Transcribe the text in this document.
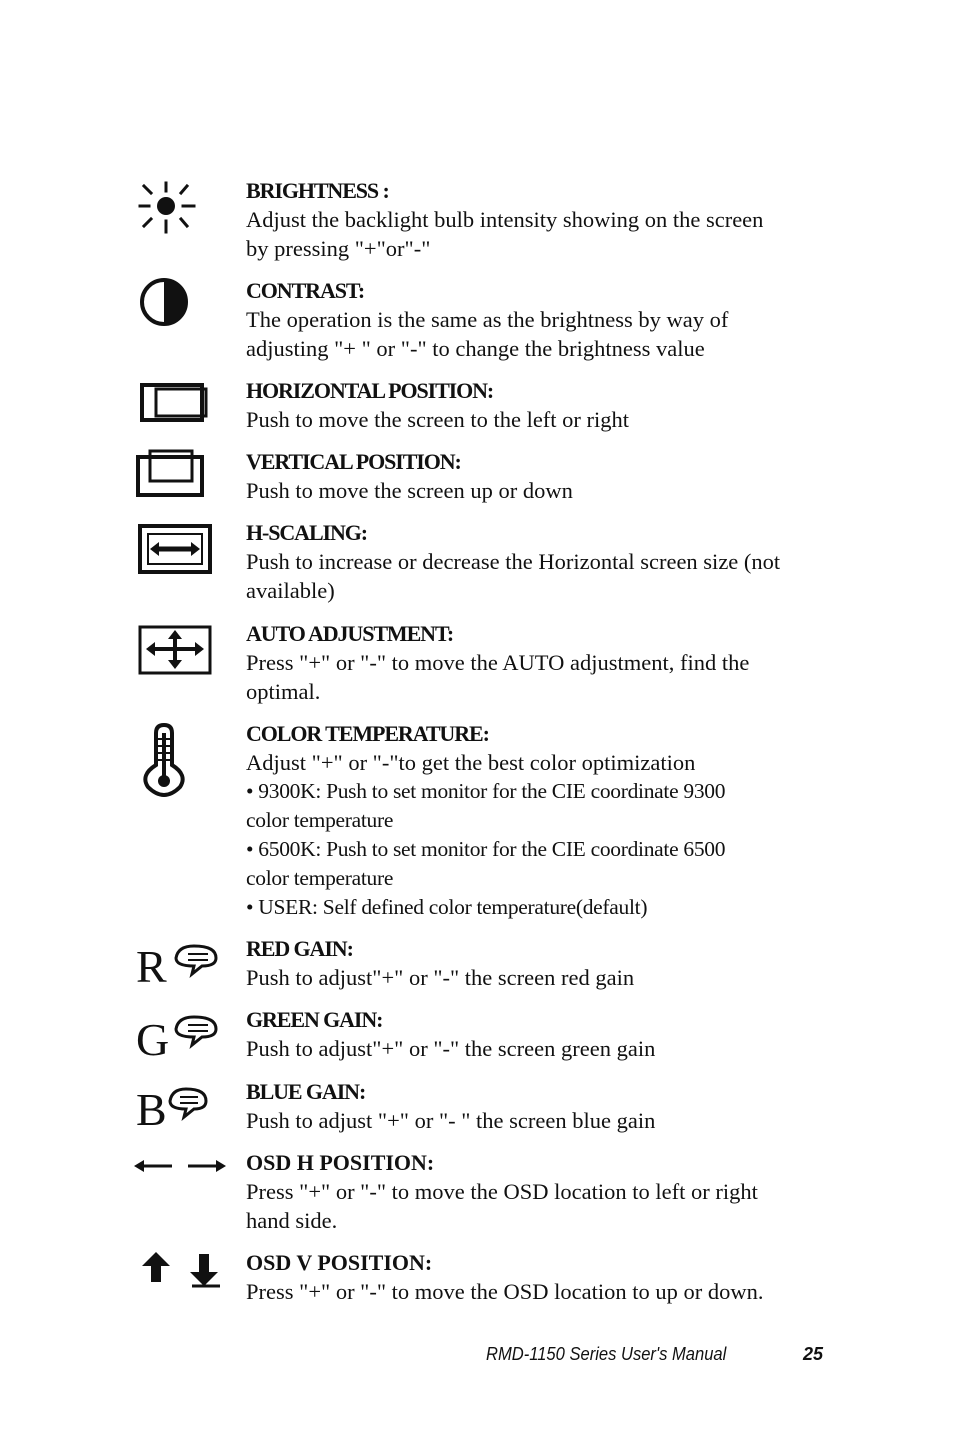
BRIGHTNESS :
Adjust the backlight bulb intensity showing on the screen
by pressing "+"or"-"
CONTRAST:
The operation is the same as the brightness by way of
adjusting "+ " or "-" to change the brightness value
HORIZONTAL POSITION:
Push to move the screen to the left or right
VERTICAL POSITION:
Push to move the screen up or down
H-SCALING:
Push to increase or decrease the Horizontal screen size (not
available)
AUTO ADJUSTMENT:
Press "+" or "-" to move the AUTO adjustment, find the
optimal.
COLOR TEMPERATURE:
Adjust "+" or "-"to get the best color optimization
• 9300K: Push to set monitor for the CIE coordinate 9300
color temperature
• 6500K: Push to set monitor for the CIE coordinate 6500
color temperature
• USER: Self defined color temperature(default)
R	RED GAIN:
Push to adjust"+" or "-" the screen red gain
G	GREEN GAIN:
Push to adjust"+" or "-" the screen green gain
B	BLUE GAIN:
Push to adjust "+" or "- " the screen blue gain
OSD H POSITION:
Press "+" or "-" to move the OSD location to left or right
hand side.
OSD V POSITION:
Press "+" or "-" to move the OSD location to up or down.
RMD-1150 Series User's Manual	25
